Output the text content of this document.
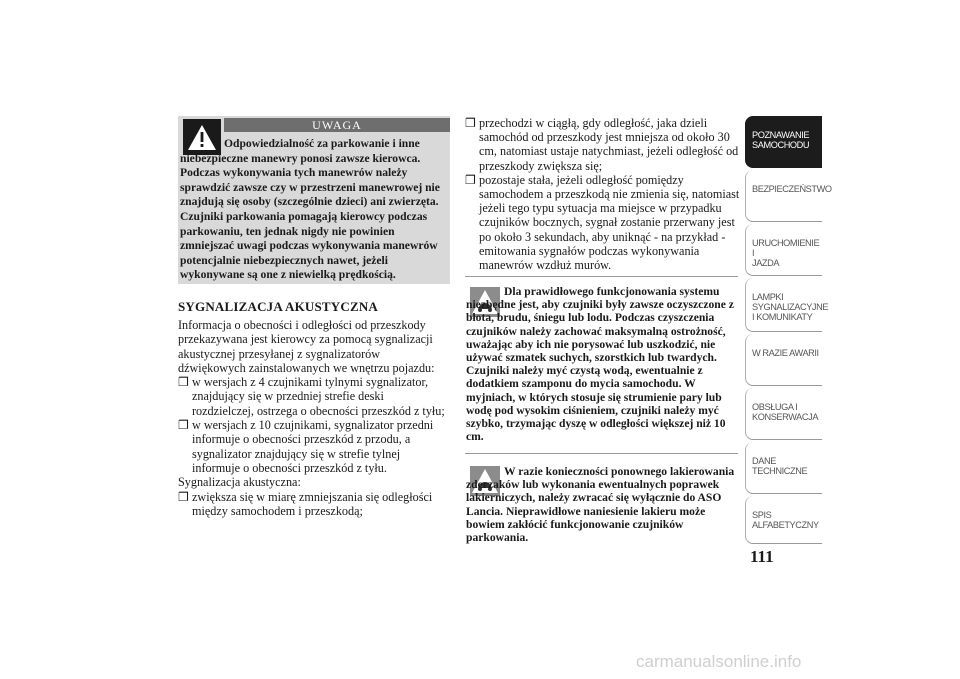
UWAGA

Odpowiedzialność za parkowanie i inne niebezpieczne manewry ponosi zawsze kierowca. Podczas wykonywania tych manewrów należy sprawdzić zawsze czy w przestrzeni manewrowej nie znajdują się osoby (szczególnie dzieci) ani zwierzęta. Czujniki parkowania pomagają kierowcy podczas parkowaniu, ten jednak nigdy nie powinien zmniejszać uwagi podczas wykonywania manewrów potencjalnie niebezpiecznych nawet, jeżeli wykonywane są one z niewielką prędkością.

SYGNALIZACJA AKUSTYCZNA

Informacja o obecności i odległości od przeszkody przekazywana jest kierowcy za pomocą sygnalizacji akustycznej przesyłanej z sygnalizatorów dźwiękowych zainstalowanych we wnętrzu pojazdu:

❒ w wersjach z 4 czujnikami tylnymi sygnalizator, znajdujący się w przedniej strefie deski rozdzielczej, ostrzega o obecności przeszkód z tyłu;

❒ w wersjach z 10 czujnikami, sygnalizator przedni informuje o obecności przeszkód z przodu, a sygnalizator znajdujący się w strefie tylnej informuje o obecności przeszkód z tyłu.

Sygnalizacja akustyczna:

❒ zwiększa się w miarę zmniejszania się odległości między samochodem i przeszkodą;

❒ przechodzi w ciągłą, gdy odległość, jaka dzieli samochód od przeszkody jest mniejsza od około 30 cm, natomiast ustaje natychmiast, jeżeli odległość od przeszkody zwiększa się;

❒ pozostaje stała, jeżeli odległość pomiędzy samochodem a przeszkodą nie zmienia się, natomiast jeżeli tego typu sytuacja ma miejsce w przypadku czujników bocznych, sygnał zostanie przerwany jest po około 3 sekundach, aby uniknąć - na przykład - emitowania sygnałów podczas wykonywania manewrów wzdłuż murów.

Dla prawidłowego funkcjonowania systemu niezbędne jest, aby czujniki były zawsze oczyszczone z błota, brudu, śniegu lub lodu. Podczas czyszczenia czujników należy zachować maksymalną ostrożność, uważając aby ich nie porysować lub uszkodzić, nie używać szmatek suchych, szorstkich lub twardych. Czujniki należy myć czystą wodą, ewentualnie z dodatkiem szamponu do mycia samochodu. W myjniach, w których stosuje się strumienie pary lub wodę pod wysokim ciśnieniem, czujniki należy myć szybko, trzymając dyszę w odległości większej niż 10 cm.

W razie konieczności ponownego lakierowania zderzaków lub wykonania ewentualnych poprawek lakierniczych, należy zwracać się wyłącznie do ASO Lancia. Nieprawidłowe naniesienie lakieru może bowiem zakłócić funkcjonowanie czujników parkowania.

POZNAWANIE
SAMOCHODU
BEZPIECZEŃSTWO
URUCHOMIENIE I
JAZDA
LAMPKI
SYGNALIZACYJNE
I KOMUNIKATY
W RAZIE AWARII
OBSŁUGA I
KONSERWACJA
DANE
TECHNICZNE
SPIS
ALFABETYCZNY
111
carmanualsonline.info
